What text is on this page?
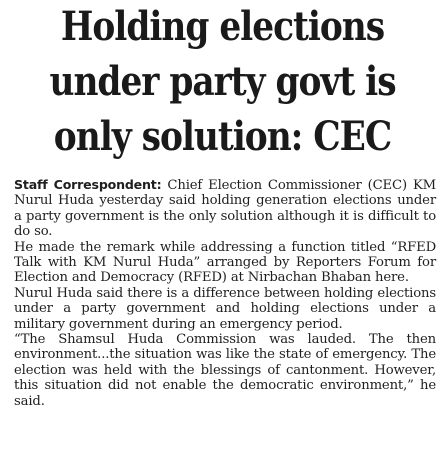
Holding elections
under party govt is
only solution: CEC

Staff Correspondent: Chief Election Commissioner (CEC) KM Nurul Huda yesterday said holding generation elections under a party government is the only solution although it is difficult to do so.

He made the remark while addressing a function titled “RFED Talk with KM Nurul Huda” arranged by Reporters Forum for Election and Democracy (RFED) at Nirbachan Bhaban here.

Nurul Huda said there is a difference between holding elections under a party government and holding elections under a military government during an emergency period.

“The Shamsul Huda Commission was lauded. The then environment...the situation was like the state of emergency. The election was held with the blessings of cantonment. However, this situation did not enable the democratic environment,” he said.
